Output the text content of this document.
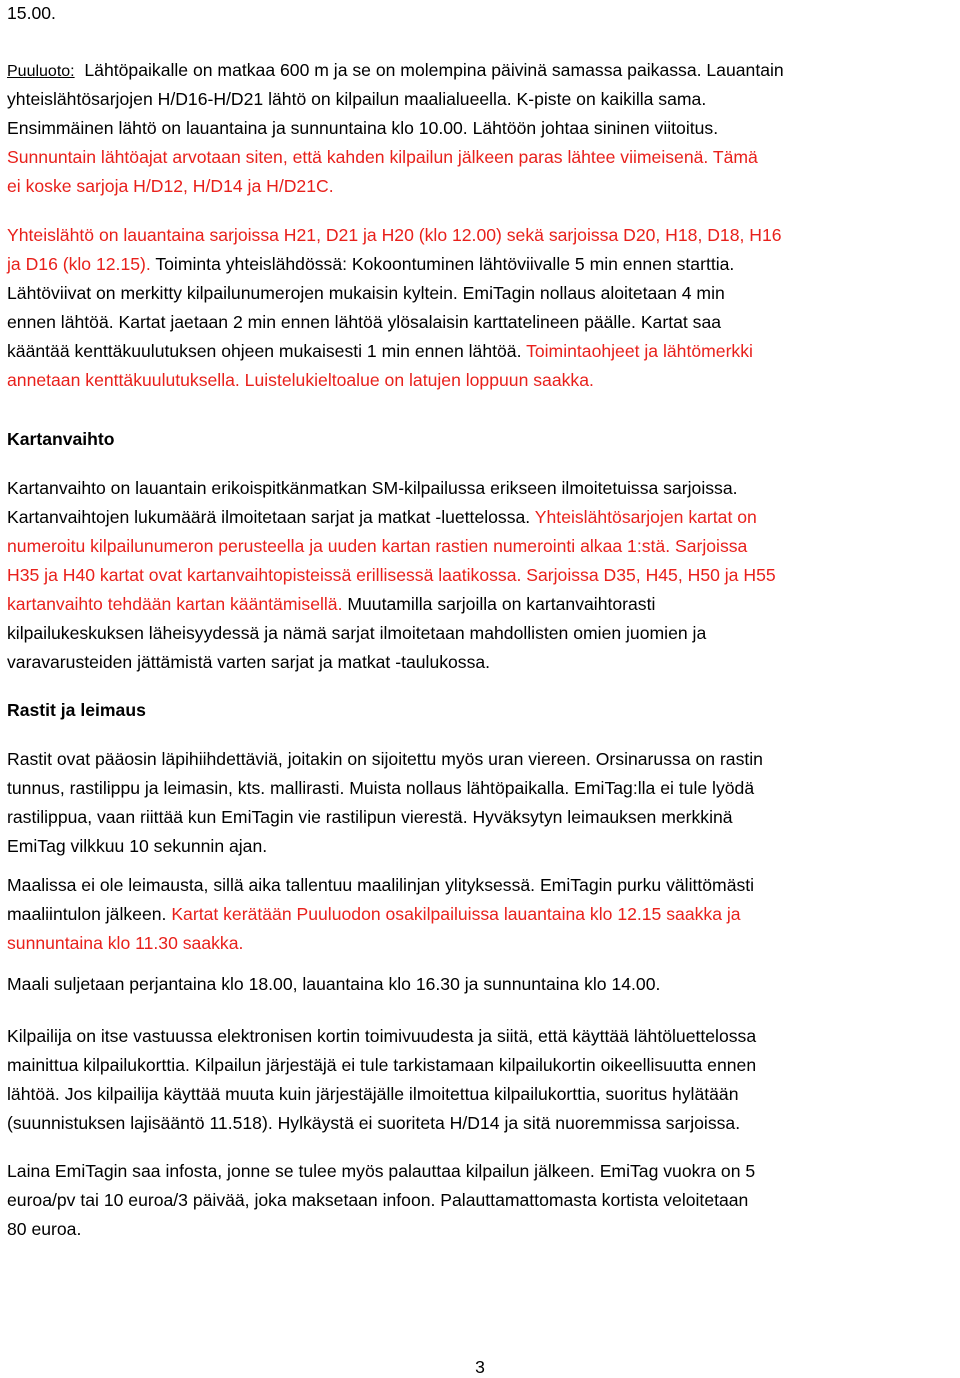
15.00.
Puuluoto: Lähtöpaikalle on matkaa 600 m ja se on molempina päivinä samassa paikassa. Lauantain
yhteislähtösarjojen H/D16-H/D21 lähtö on kilpailun maalialueella. K-piste on kaikilla sama.
Ensimmäinen lähtö on lauantaina ja sunnuntaina klo 10.00. Lähtöön johtaa sininen viitoitus.
Sunnuntain lähtöajat arvotaan siten, että kahden kilpailun jälkeen paras lähtee viimeisenä. Tämä
ei koske sarjoja H/D12, H/D14 ja H/D21C.
Yhteislähtö on lauantaina sarjoissa H21, D21 ja H20 (klo 12.00) sekä sarjoissa D20, H18, D18, H16
ja D16 (klo 12.15). Toiminta yhteislähdössä: Kokoontuminen lähtöviivalle 5 min ennen starttia.
Lähtöviivat on merkitty kilpailunumerojen mukaisin kyltein. EmiTagin nollaus aloitetaan 4 min
ennen lähtöä. Kartat jaetaan 2 min ennen lähtöä ylösalaisin karttatelineen päälle. Kartat saa
kääntää kenttäkuulutuksen ohjeen mukaisesti 1 min ennen lähtöä. Toimintaohjeet ja lähtömerkki
annetaan kenttäkuulutuksella. Luistelukieltoalue on latujen loppuun saakka.
Kartanvaihto
Kartanvaihto on lauantain erikoispitkänmatkan SM-kilpailussa erikseen ilmoitetuissa sarjoissa.
Kartanvaihtojen lukumäärä ilmoitetaan sarjat ja matkat -luettelossa. Yhteislähtösarjojen kartat on
numeroitu kilpailunumeron perusteella ja uuden kartan rastien numerointi alkaa 1:stä. Sarjoissa
H35 ja H40 kartat ovat kartanvaihtopisteissä erillisessä laatikossa. Sarjoissa D35, H45, H50 ja H55
kartanvaihto tehdään kartan kääntämisellä. Muutamilla sarjoilla on kartanvaihtorasti
kilpailukeskuksen läheisyydessä ja nämä sarjat ilmoitetaan mahdollisten omien juomien ja
varavarusteiden jättämistä varten sarjat ja matkat -taulukossa.
Rastit ja leimaus
Rastit ovat pääosin läpihiihdettäviä, joitakin on sijoitettu myös uran viereen. Orsinarussa on rastin
tunnus, rastilippu ja leimasin, kts. mallirasti. Muista nollaus lähtöpaikalla. EmiTag:lla ei tule lyödä
rastilippua, vaan riittää kun EmiTagin vie rastilipun vierestä. Hyväksytyn leimauksen merkkinä
EmiTag vilkkuu 10 sekunnin ajan.
Maalissa ei ole leimausta, sillä aika tallentuu maalilinjan ylityksessä. EmiTagin purku välittömästi
maaliintulon jälkeen. Kartat kerätään Puuluodon osakilpailuissa lauantaina klo 12.15 saakka ja
sunnuntaina klo 11.30 saakka.
Maali suljetaan perjantaina klo 18.00, lauantaina klo 16.30 ja sunnuntaina klo 14.00.
Kilpailija on itse vastuussa elektronisen kortin toimivuudesta ja siitä, että käyttää lähtöluettelossa
mainittua kilpailukorttia. Kilpailun järjestäjä ei tule tarkistamaan kilpailukortin oikeellisuutta ennen
lähtöä. Jos kilpailija käyttää muuta kuin järjestäjälle ilmoitettua kilpailukorttia, suoritus hylätään
(suunnistuksen lajisääntö 11.518). Hylkäystä ei suoriteta H/D14 ja sitä nuoremmissa sarjoissa.
Laina EmiTagin saa infosta, jonne se tulee myös palauttaa kilpailun jälkeen. EmiTag vuokra on 5
euroa/pv tai 10 euroa/3 päivää, joka maksetaan infoon. Palauttamattomasta kortista veloitetaan
80 euroa.
3
